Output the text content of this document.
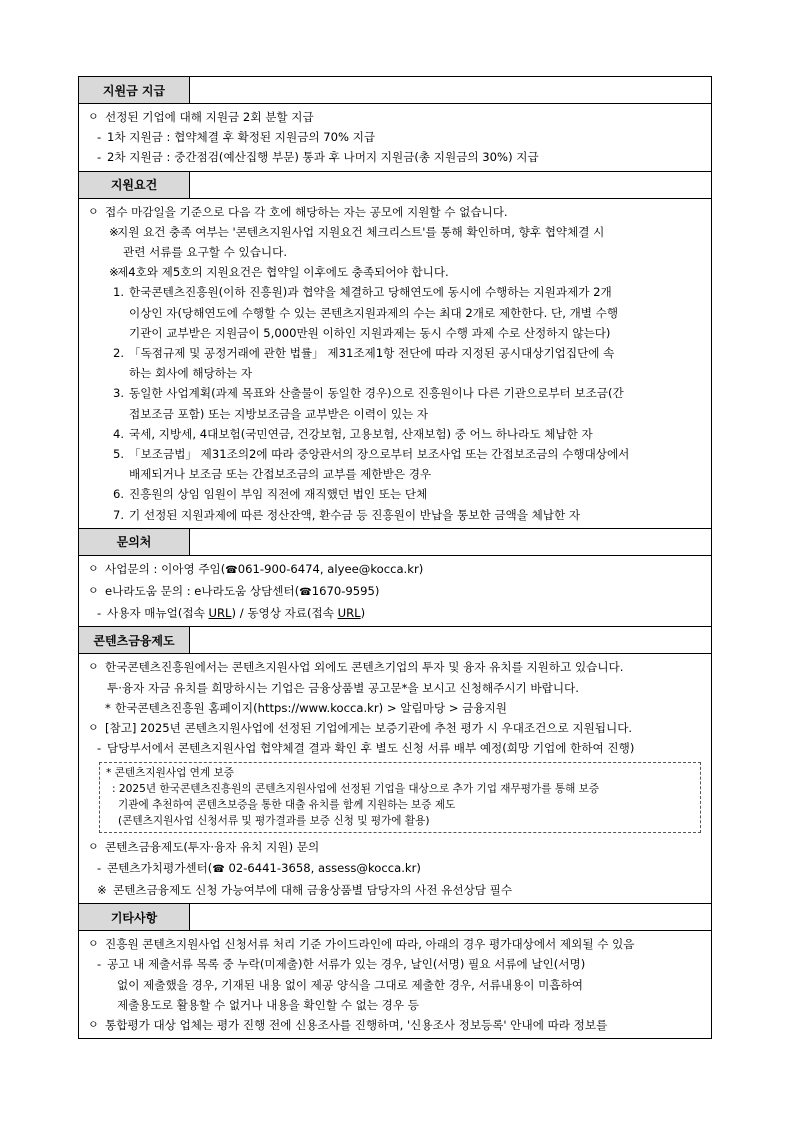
지원금 지급
ㅇ 선정된 기업에 대해 지원금 2회 분할 지급
- 1차 지원금 : 협약체결 후 확정된 지원금의 70% 지급
- 2차 지원금 : 중간점검(예산집행 부문) 통과 후 나머지 지원금(총 지원금의 30%) 지급
지원요건
ㅇ 접수 마감일을 기준으로 다음 각 호에 해당하는 자는 공모에 지원할 수 없습니다.
※
지원 요건 충족 여부는 '콘텐츠지원사업 지원요건 체크리스트'를 통해 확인하며, 향후 협약체결 시
관련 서류를 요구할 수 있습니다.
※
제4호와 제5호의 지원요건은 협약일 이후에도 충족되어야 합니다.
1. 한국콘텐츠진흥원(이하 진흥원)과 협약을 체결하고 당해연도에 동시에 수행하는 지원과제가 2개
이상인 자(당해연도에 수행할 수 있는 콘텐츠지원과제의 수는 최대 2개로 제한한다. 단, 개별 수행
기관이 교부받은 지원금이 5,000만원 이하인 지원과제는 동시 수행 과제 수로 산정하지 않는다)
2. 「독점규제 및 공정거래에 관한 법률」 제31조제1항 전단에 따라 지정된 공시대상기업집단에 속
하는 회사에 해당하는 자
3. 동일한 사업계획(과제 목표와 산출물이 동일한 경우)으로 진흥원이나 다른 기관으로부터 보조금(간
접보조금 포함) 또는 지방보조금을 교부받은 이력이 있는 자
4. 국세, 지방세, 4대보험(국민연금, 건강보험, 고용보험, 산재보험) 중 어느 하나라도 체납한 자
5. 「보조금법」 제31조의2에 따라 중앙관서의 장으로부터 보조사업 또는 간접보조금의 수행대상에서
배제되거나 보조금 또는 간접보조금의 교부를 제한받은 경우
6. 진흥원의 상임 임원이 부임 직전에 재직했던 법인 또는 단체
7. 기 선정된 지원과제에 따른 정산잔액, 환수금 등 진흥원이 반납을 통보한 금액을 체납한 자
문의처
ㅇ 사업문의 : 이아영 주임(☎061-900-6474, alyee@kocca.kr)
ㅇ e나라도움 문의 : e나라도움 상담센터(☎1670-9595)
- 사용자 매뉴얼(접속 URL) / 동영상 자료(접속 URL)
콘텐츠금융제도
ㅇ 한국콘텐츠진흥원에서는 콘텐츠지원사업 외에도 콘텐츠기업의 투자 및 융자 유치를 지원하고 있습니다.
투·융자 자금 유치를 희망하시는 기업은 금융상품별 공고문*을 보시고 신청해주시기 바랍니다.
* 한국콘텐츠진흥원 홈페이지(https://www.kocca.kr) > 알림마당 > 금융지원
ㅇ [참고] 2025년 콘텐츠지원사업에 선정된 기업에게는 보증기관에 추천 평가 시 우대조건으로 지원됩니다.
- 담당부서에서 콘텐츠지원사업 협약체결 결과 확인 후 별도 신청 서류 배부 예정(희망 기업에 한하여 진행)
* 콘텐츠지원사업 연계 보증
: 2025년 한국콘텐츠진흥원의 콘텐츠지원사업에 선정된 기업을 대상으로 추가 기업 재무평가를 통해 보증
기관에 추천하여 콘텐츠보증을 통한 대출 유치를 함께 지원하는 보증 제도
(콘텐츠지원사업 신청서류 및 평가결과를 보증 신청 및 평가에 활용)
ㅇ 콘텐츠금융제도(투자·융자 유치 지원) 문의
- 콘텐츠가치평가센터(☎ 02-6441-3658, assess@kocca.kr)
※ 콘텐츠금융제도 신청 가능여부에 대해 금융상품별 담당자의 사전 유선상담 필수
기타사항
ㅇ 진흥원 콘텐츠지원사업 신청서류 처리 기준 가이드라인에 따라, 아래의 경우 평가대상에서 제외될 수 있음
- 공고 내 제출서류 목록 중 누락(미제출)한 서류가 있는 경우, 날인(서명) 필요 서류에 날인(서명)
없이 제출했을 경우, 기재된 내용 없이 제공 양식을 그대로 제출한 경우, 서류내용이 미흡하여
제출용도로 활용할 수 없거나 내용을 확인할 수 없는 경우 등
ㅇ 통합평가 대상 업체는 평가 진행 전에 신용조사를 진행하며, '신용조사 정보등록' 안내에 따라 정보를
